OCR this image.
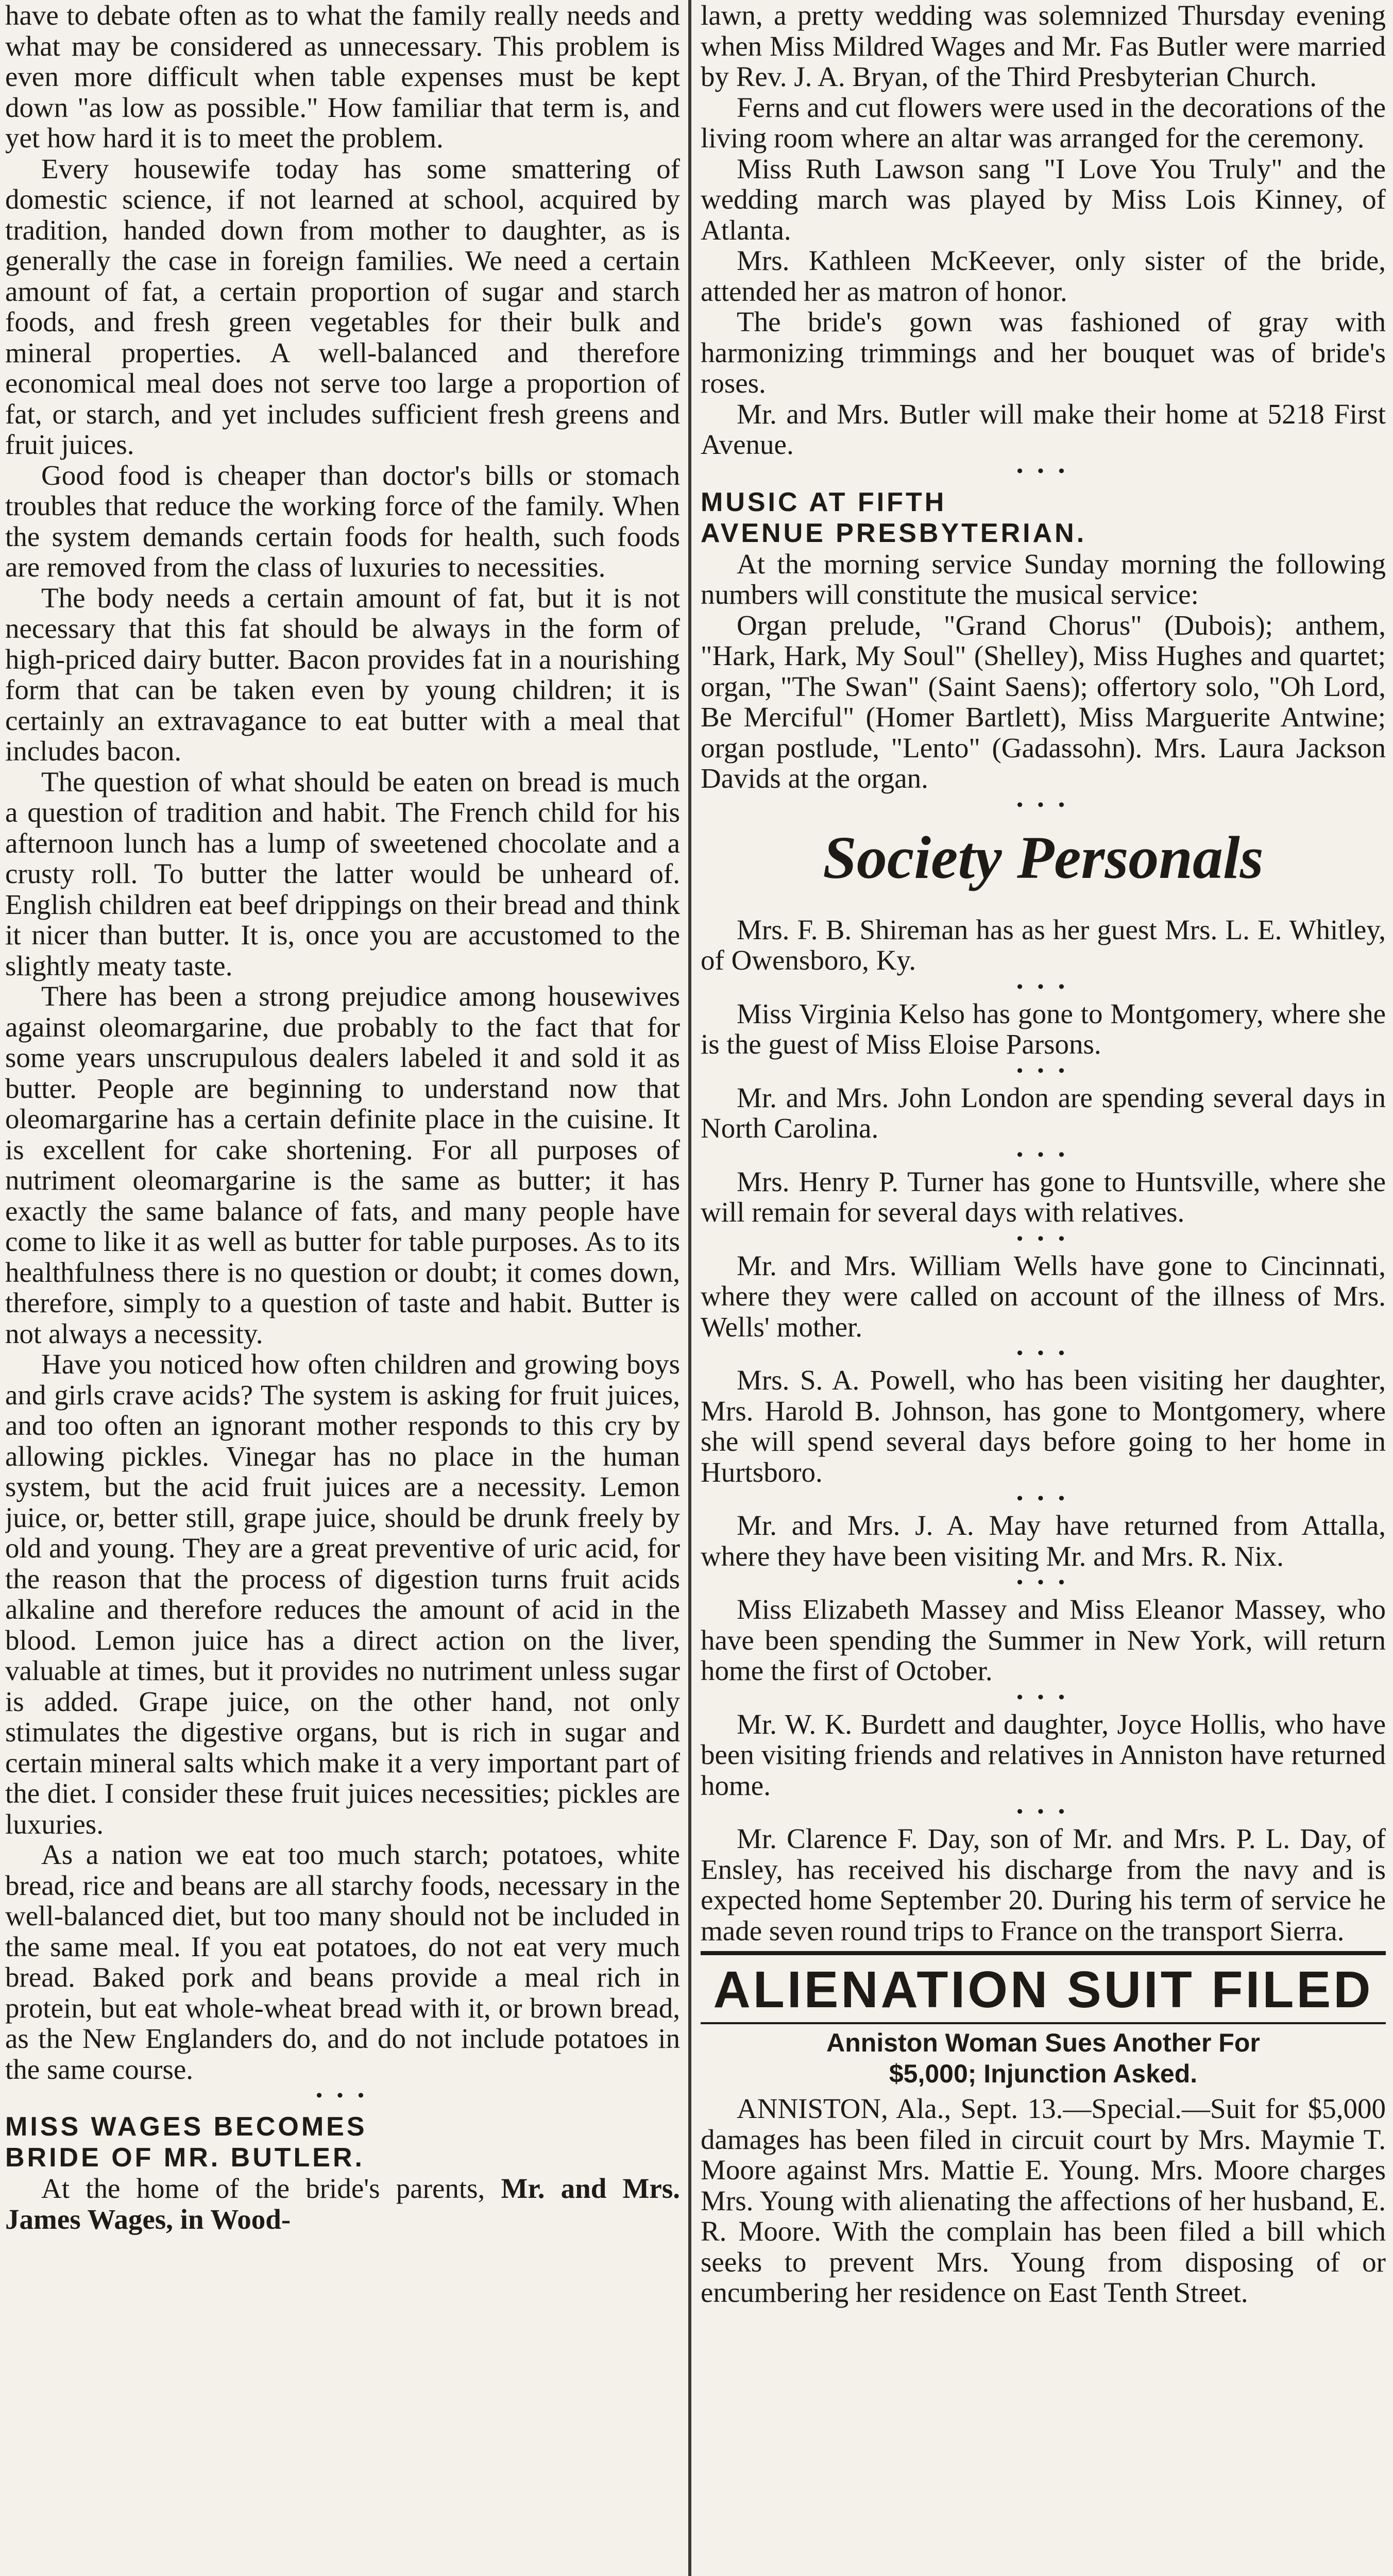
have to debate often as to what the family really needs and what may be considered as unnecessary. This problem is even more difficult when table expenses must be kept down "as low as possible." How familiar that term is, and yet how hard it is to meet the problem.

Every housewife today has some smattering of domestic science, if not learned at school, acquired by tradition, handed down from mother to daughter, as is generally the case in foreign families. We need a certain amount of fat, a certain proportion of sugar and starch foods, and fresh green vegetables for their bulk and mineral properties. A well-balanced and therefore economical meal does not serve too large a proportion of fat, or starch, and yet includes sufficient fresh greens and fruit juices.

Good food is cheaper than doctor's bills or stomach troubles that reduce the working force of the family. When the system demands certain foods for health, such foods are removed from the class of luxuries to necessities.

The body needs a certain amount of fat, but it is not necessary that this fat should be always in the form of high-priced dairy butter. Bacon provides fat in a nourishing form that can be taken even by young children; it is certainly an extravagance to eat butter with a meal that includes bacon.

The question of what should be eaten on bread is much a question of tradition and habit. The French child for his afternoon lunch has a lump of sweetened chocolate and a crusty roll. To butter the latter would be unheard of. English children eat beef drippings on their bread and think it nicer than butter. It is, once you are accustomed to the slightly meaty taste.

There has been a strong prejudice among housewives against oleomargarine, due probably to the fact that for some years unscrupulous dealers labeled it and sold it as butter. People are beginning to understand now that oleomargarine has a certain definite place in the cuisine. It is excellent for cake shortening. For all purposes of nutriment oleomargarine is the same as butter; it has exactly the same balance of fats, and many people have come to like it as well as butter for table purposes. As to its healthfulness there is no question or doubt; it comes down, therefore, simply to a question of taste and habit. Butter is not always a necessity.

Have you noticed how often children and growing boys and girls crave acids? The system is asking for fruit juices, and too often an ignorant mother responds to this cry by allowing pickles. Vinegar has no place in the human system, but the acid fruit juices are a necessity. Lemon juice, or, better still, grape juice, should be drunk freely by old and young. They are a great preventive of uric acid, for the reason that the process of digestion turns fruit acids alkaline and therefore reduces the amount of acid in the blood. Lemon juice has a direct action on the liver, valuable at times, but it provides no nutriment unless sugar is added. Grape juice, on the other hand, not only stimulates the digestive organs, but is rich in sugar and certain mineral salts which make it a very important part of the diet. I consider these fruit juices necessities; pickles are luxuries.

As a nation we eat too much starch; potatoes, white bread, rice and beans are all starchy foods, necessary in the well-balanced diet, but too many should not be included in the same meal. If you eat potatoes, do not eat very much bread. Baked pork and beans provide a meal rich in protein, but eat whole-wheat bread with it, or brown bread, as the New Englanders do, and do not include potatoes in the same course.

• • •
MISS WAGES BECOMES
BRIDE OF MR. BUTLER.

At the home of the bride's parents, Mr. and Mrs. James Wages, in Wood-

lawn, a pretty wedding was solemnized Thursday evening when Miss Mildred Wages and Mr. Fas Butler were married by Rev. J. A. Bryan, of the Third Presbyterian Church.

Ferns and cut flowers were used in the decorations of the living room where an altar was arranged for the ceremony.

Miss Ruth Lawson sang "I Love You Truly" and the wedding march was played by Miss Lois Kinney, of Atlanta.

Mrs. Kathleen McKeever, only sister of the bride, attended her as matron of honor.

The bride's gown was fashioned of gray with harmonizing trimmings and her bouquet was of bride's roses.

Mr. and Mrs. Butler will make their home at 5218 First Avenue.

• • •
MUSIC AT FIFTH
AVENUE PRESBYTERIAN.

At the morning service Sunday morning the following numbers will constitute the musical service:

Organ prelude, "Grand Chorus" (Dubois); anthem, "Hark, Hark, My Soul" (Shelley), Miss Hughes and quartet; organ, "The Swan" (Saint Saens); offertory solo, "Oh Lord, Be Merciful" (Homer Bartlett), Miss Marguerite Antwine; organ postlude, "Lento" (Gadassohn). Mrs. Laura Jackson Davids at the organ.

• • •
Society Personals

Mrs. F. B. Shireman has as her guest Mrs. L. E. Whitley, of Owensboro, Ky.

• • •

Miss Virginia Kelso has gone to Montgomery, where she is the guest of Miss Eloise Parsons.

• • •

Mr. and Mrs. John London are spending several days in North Carolina.

• • •

Mrs. Henry P. Turner has gone to Huntsville, where she will remain for several days with relatives.

• • •

Mr. and Mrs. William Wells have gone to Cincinnati, where they were called on account of the illness of Mrs. Wells' mother.

• • •

Mrs. S. A. Powell, who has been visiting her daughter, Mrs. Harold B. Johnson, has gone to Montgomery, where she will spend several days before going to her home in Hurtsboro.

• • •

Mr. and Mrs. J. A. May have returned from Attalla, where they have been visiting Mr. and Mrs. R. Nix.

• • •

Miss Elizabeth Massey and Miss Eleanor Massey, who have been spending the Summer in New York, will return home the first of October.

• • •

Mr. W. K. Burdett and daughter, Joyce Hollis, who have been visiting friends and relatives in Anniston have returned home.

• • •

Mr. Clarence F. Day, son of Mr. and Mrs. P. L. Day, of Ensley, has received his discharge from the navy and is expected home September 20. During his term of service he made seven round trips to France on the transport Sierra.

ALIENATION SUIT FILED
Anniston Woman Sues Another For
$5,000; Injunction Asked.

ANNISTON, Ala., Sept. 13.—Special.—Suit for $5,000 damages has been filed in circuit court by Mrs. Maymie T. Moore against Mrs. Mattie E. Young. Mrs. Moore charges Mrs. Young with alienating the affections of her husband, E. R. Moore. With the complain has been filed a bill which seeks to prevent Mrs. Young from disposing of or encumbering her residence on East Tenth Street.
